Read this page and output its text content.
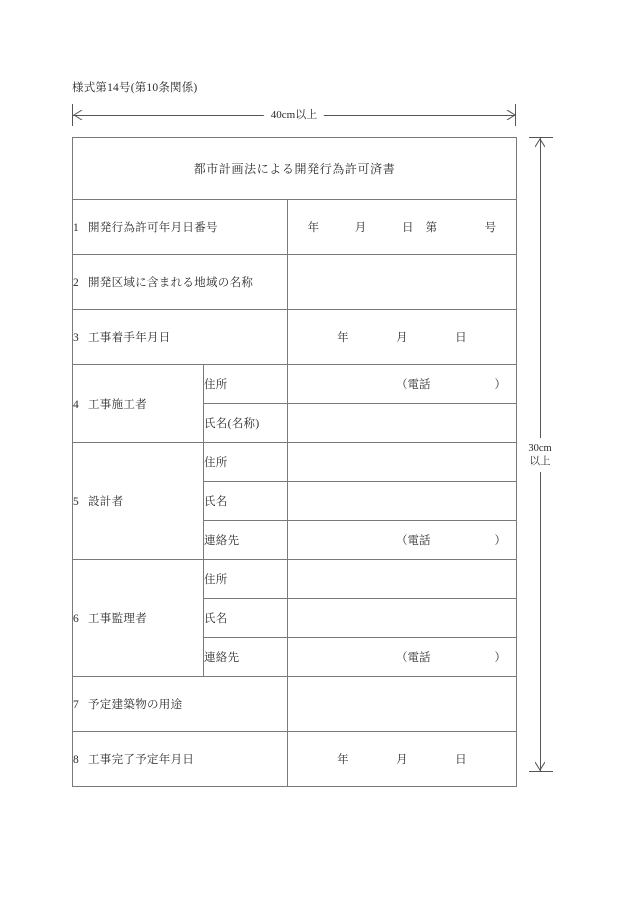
様式第14号(第10条関係)
40cm以上
30cm
以上
都市計画法による開発行為許可済書		
1 開発行為許可年月日番号		年　　　月　　　日　第　　　　号
2 開発区域に含まれる地域の名称		
3 工事着手年月日		年　　　　月　　　　日
4 工事施工者	住所	（電話 ）

	氏名(名称)	
5 設計者	住所	
	氏名	
	連絡先	（電話 ）

6 工事監理者	住所	
	氏名	
	連絡先	（電話 ）

7 予定建築物の用途		
8 工事完了予定年月日		年　　　　月　　　　日
